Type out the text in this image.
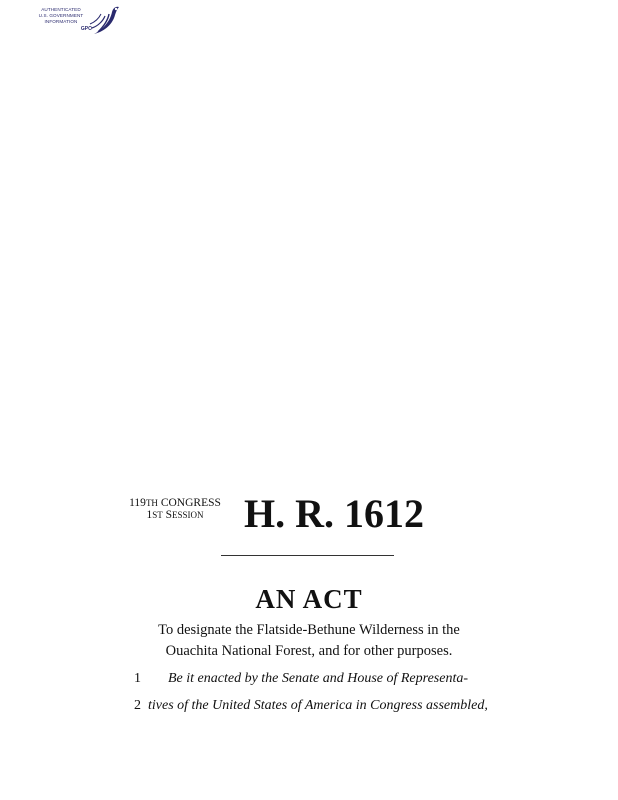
AUTHENTICATED
U.S. GOVERNMENT
INFORMATION
GPO
119TH CONGRESS
1ST SESSION	H. R. 1612
AN ACT
To designate the Flatside-Bethune Wilderness in the
Ouachita National Forest, and for other purposes.
1 Be it enacted by the Senate and House of Representa-
2 tives of the United States of America in Congress assembled,
